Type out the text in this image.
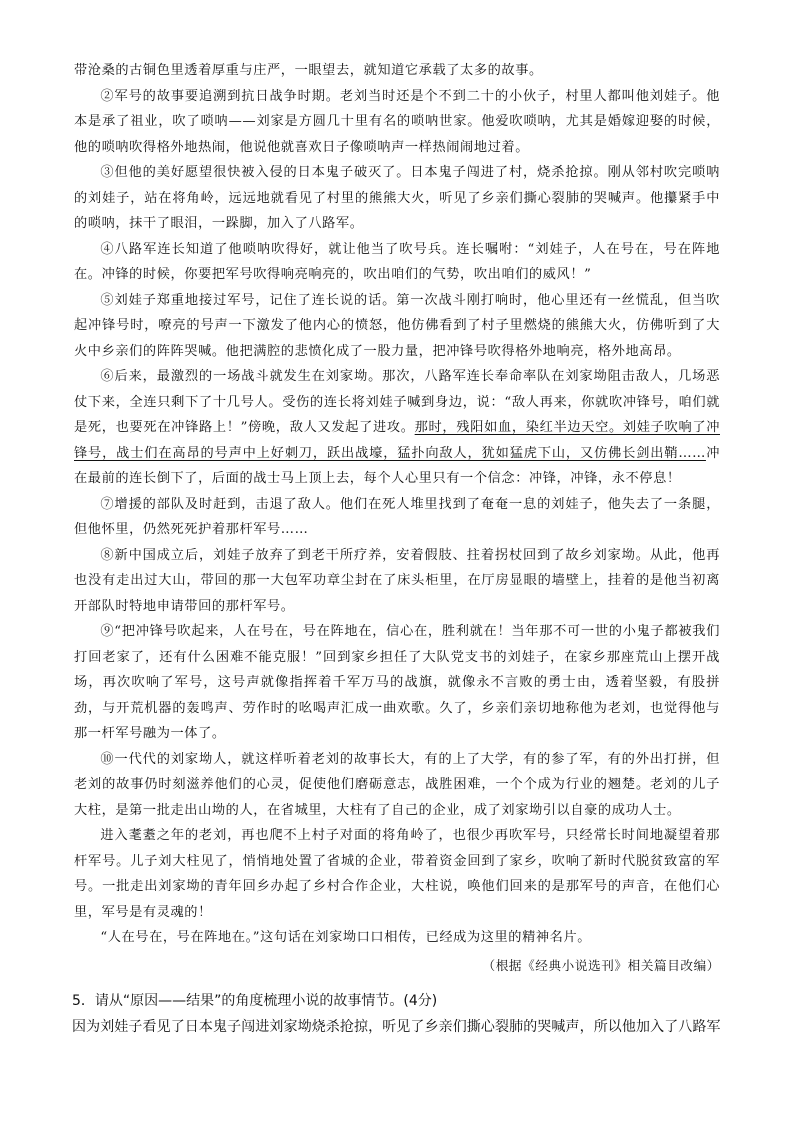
带沧桑的古铜色里透着厚重与庄严，一眼望去，就知道它承载了太多的故事。

②军号的故事要追溯到抗日战争时期。老刘当时还是个不到二十的小伙子，村里人都叫他刘娃子。他本是承了祖业，吹了唢呐——刘家是方圆几十里有名的唢呐世家。他爱吹唢呐，尤其是婚嫁迎娶的时候，他的唢呐吹得格外地热闹，他说他就喜欢日子像唢呐声一样热闹闹地过着。

③但他的美好愿望很快被入侵的日本鬼子破灭了。日本鬼子闯进了村，烧杀抢掠。刚从邻村吹完唢呐的刘娃子，站在将角岭，远远地就看见了村里的熊熊大火，听见了乡亲们撕心裂肺的哭喊声。他攥紧手中的唢呐，抹干了眼泪，一跺脚，加入了八路军。

④八路军连长知道了他唢呐吹得好，就让他当了吹号兵。连长嘱咐：“刘娃子，人在号在，号在阵地在。冲锋的时候，你要把军号吹得响亮响亮的，吹出咱们的气势，吹出咱们的威风！”

⑤刘娃子郑重地接过军号，记住了连长说的话。第一次战斗刚打响时，他心里还有一丝慌乱，但当吹起冲锋号时，嘹亮的号声一下激发了他内心的愤怒，他仿佛看到了村子里燃烧的熊熊大火，仿佛听到了大火中乡亲们的阵阵哭喊。他把满腔的悲愤化成了一股力量，把冲锋号吹得格外地响亮，格外地高昂。

⑥后来，最激烈的一场战斗就发生在刘家坳。那次，八路军连长奉命率队在刘家坳阻击敌人，几场恶仗下来，全连只剩下了十几号人。受伤的连长将刘娃子喊到身边，说：“敌人再来，你就吹冲锋号，咱们就是死，也要死在冲锋路上！”傍晚，敌人又发起了进攻。那时，残阳如血，染红半边天空。刘娃子吹响了冲锋号，战士们在高昂的号声中上好刺刀，跃出战壕，猛扑向敌人，犹如猛虎下山，又仿佛长剑出鞘……冲在最前的连长倒下了，后面的战士马上顶上去，每个人心里只有一个信念：冲锋，冲锋，永不停息！

⑦增援的部队及时赶到，击退了敌人。他们在死人堆里找到了奄奄一息的刘娃子，他失去了一条腿，但他怀里，仍然死死护着那杆军号……

⑧新中国成立后，刘娃子放弃了到老干所疗养，安着假肢、拄着拐杖回到了故乡刘家坳。从此，他再也没有走出过大山，带回的那一大包军功章尘封在了床头柜里，在厅房显眼的墙壁上，挂着的是他当初离开部队时特地申请带回的那杆军号。

⑨“把冲锋号吹起来，人在号在，号在阵地在，信心在，胜利就在！当年那不可一世的小鬼子都被我们打回老家了，还有什么困难不能克服！”回到家乡担任了大队党支书的刘娃子，在家乡那座荒山上摆开战场，再次吹响了军号，这号声就像指挥着千军万马的战旗，就像永不言败的勇士由，透着坚毅，有股拼劲，与开荒机器的轰鸣声、劳作时的吆喝声汇成一曲欢歌。久了，乡亲们亲切地称他为老刘，也觉得他与那一杆军号融为一体了。

⑩一代代的刘家坳人，就这样听着老刘的故事长大，有的上了大学，有的参了军，有的外出打拼，但老刘的故事仍时刻滋养他们的心灵，促使他们磨砺意志，战胜困难，一个个成为行业的翘楚。老刘的儿子大柱，是第一批走出山坳的人，在省城里，大柱有了自己的企业，成了刘家坳引以自豪的成功人士。

进入耄耋之年的老刘，再也爬不上村子对面的将角岭了，也很少再吹军号，只经常长时间地凝望着那杆军号。儿子刘大柱见了，悄悄地处置了省城的企业，带着资金回到了家乡，吹响了新时代脱贫致富的军号。一批走出刘家坳的青年回乡办起了乡村合作企业，大柱说，唤他们回来的是那军号的声音，在他们心里，军号是有灵魂的！

“人在号在，号在阵地在。”这句话在刘家坳口口相传，已经成为这里的精神名片。

（根据《经典小说选刊》相关篇目改编）

5．请从“原因——结果”的角度梳理小说的故事情节。(4分)

因为刘娃子看见了日本鬼子闯进刘家坳烧杀抢掠，听见了乡亲们撕心裂肺的哭喊声，所以他加入了八路军
